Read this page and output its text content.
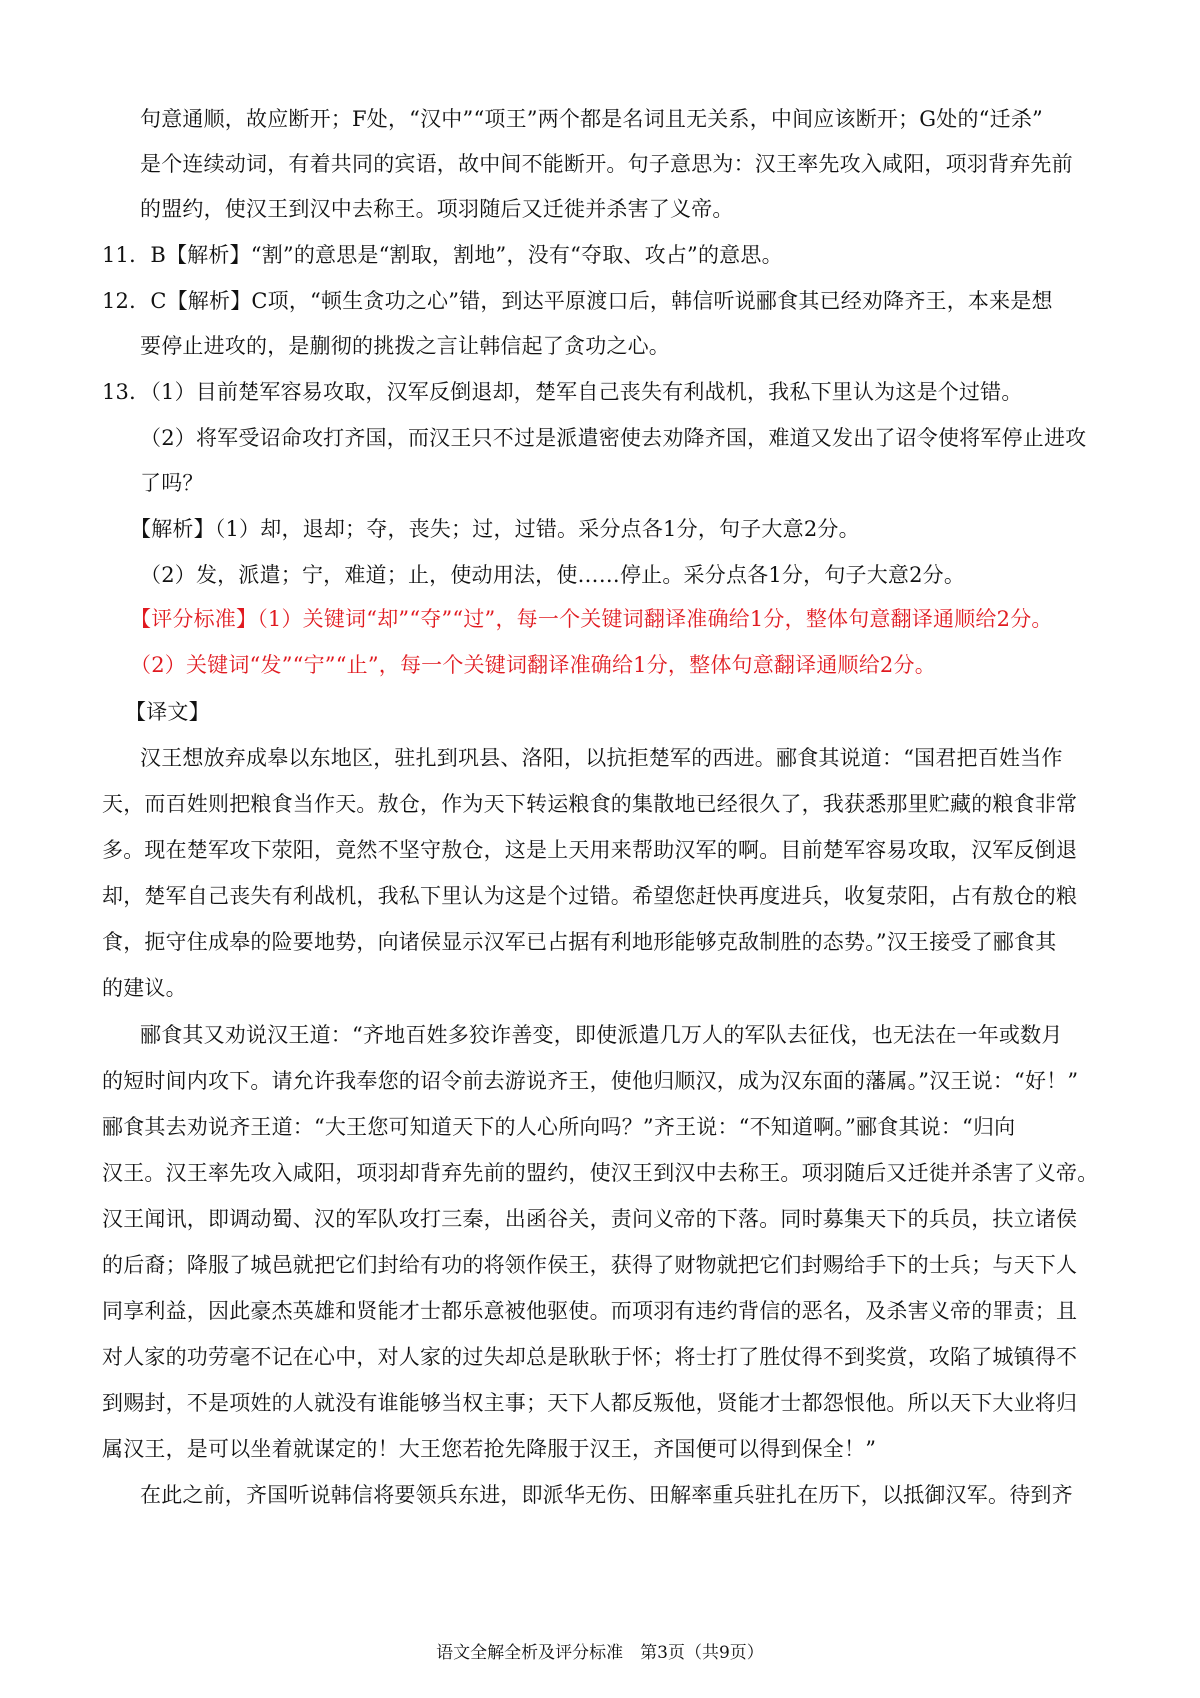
句意通顺，故应断开；F处，“汉中”“项王”两个都是名词且无关系，中间应该断开；G处的“迁杀”

是个连续动词，有着共同的宾语，故中间不能断开。句子意思为：汉王率先攻入咸阳，项羽背弃先前

的盟约，使汉王到汉中去称王。项羽随后又迁徙并杀害了义帝。

11．B【解析】“割”的意思是“割取，割地”，没有“夺取、攻占”的意思。

12．C【解析】C项，“顿生贪功之心”错，到达平原渡口后，韩信听说郦食其已经劝降齐王，本来是想

要停止进攻的，是蒯彻的挑拨之言让韩信起了贪功之心。

13．（1）目前楚军容易攻取，汉军反倒退却，楚军自己丧失有利战机，我私下里认为这是个过错。

（2）将军受诏命攻打齐国，而汉王只不过是派遣密使去劝降齐国，难道又发出了诏令使将军停止进攻

了吗？

【解析】（1）却，退却；夺，丧失；过，过错。采分点各1分，句子大意2分。

（2）发，派遣；宁，难道；止，使动用法，使……停止。采分点各1分，句子大意2分。

【评分标准】（1）关键词“却”“夺”“过”，每一个关键词翻译准确给1分，整体句意翻译通顺给2分。

（2）关键词“发”“宁”“止”，每一个关键词翻译准确给1分，整体句意翻译通顺给2分。

【译文】

汉王想放弃成皋以东地区，驻扎到巩县、洛阳，以抗拒楚军的西进。郦食其说道：“国君把百姓当作

天，而百姓则把粮食当作天。敖仓，作为天下转运粮食的集散地已经很久了，我获悉那里贮藏的粮食非常

多。现在楚军攻下荥阳，竟然不坚守敖仓，这是上天用来帮助汉军的啊。目前楚军容易攻取，汉军反倒退

却，楚军自己丧失有利战机，我私下里认为这是个过错。希望您赶快再度进兵，收复荥阳，占有敖仓的粮

食，扼守住成皋的险要地势，向诸侯显示汉军已占据有利地形能够克敌制胜的态势。”汉王接受了郦食其

的建议。

郦食其又劝说汉王道：“齐地百姓多狡诈善变，即使派遣几万人的军队去征伐，也无法在一年或数月

的短时间内攻下。请允许我奉您的诏令前去游说齐王，使他归顺汉，成为汉东面的藩属。”汉王说：“好！”

郦食其去劝说齐王道：“大王您可知道天下的人心所向吗？”齐王说：“不知道啊。”郦食其说：“归向

汉王。汉王率先攻入咸阳，项羽却背弃先前的盟约，使汉王到汉中去称王。项羽随后又迁徙并杀害了义帝。

汉王闻讯，即调动蜀、汉的军队攻打三秦，出函谷关，责问义帝的下落。同时募集天下的兵员，扶立诸侯

的后裔；降服了城邑就把它们封给有功的将领作侯王，获得了财物就把它们封赐给手下的士兵；与天下人

同享利益，因此豪杰英雄和贤能才士都乐意被他驱使。而项羽有违约背信的恶名，及杀害义帝的罪责；且

对人家的功劳毫不记在心中，对人家的过失却总是耿耿于怀；将士打了胜仗得不到奖赏，攻陷了城镇得不

到赐封，不是项姓的人就没有谁能够当权主事；天下人都反叛他，贤能才士都怨恨他。所以天下大业将归

属汉王，是可以坐着就谋定的！大王您若抢先降服于汉王，齐国便可以得到保全！”

在此之前，齐国听说韩信将要领兵东进，即派华无伤、田解率重兵驻扎在历下，以抵御汉军。待到齐

语文全解全析及评分标准　第3页（共9页）
